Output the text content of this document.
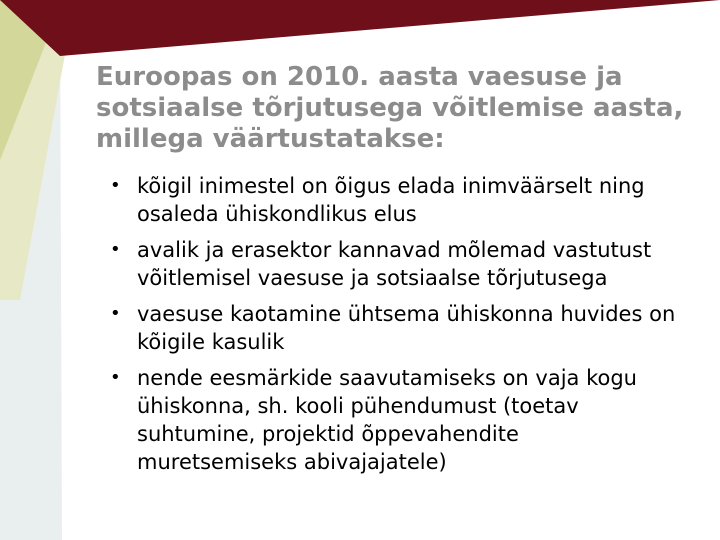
Euroopas on 2010. aasta vaesuse ja sotsiaalse tõrjutusega võitlemise aasta, millega väärtustatakse:
• kõigil inimestel on õigus elada inimväärselt ning osaleda ühiskondlikus elus
• avalik ja erasektor kannavad mõlemad vastutust võitlemisel vaesuse ja sotsiaalse tõrjutusega
• vaesuse kaotamine ühtsema ühiskonna huvides on kõigile kasulik
• nende eesmärkide saavutamiseks on vaja kogu ühiskonna, sh. kooli pühendumust (toetav suhtumine, projektid õppevahendite muretsemiseks abivajajatele)
